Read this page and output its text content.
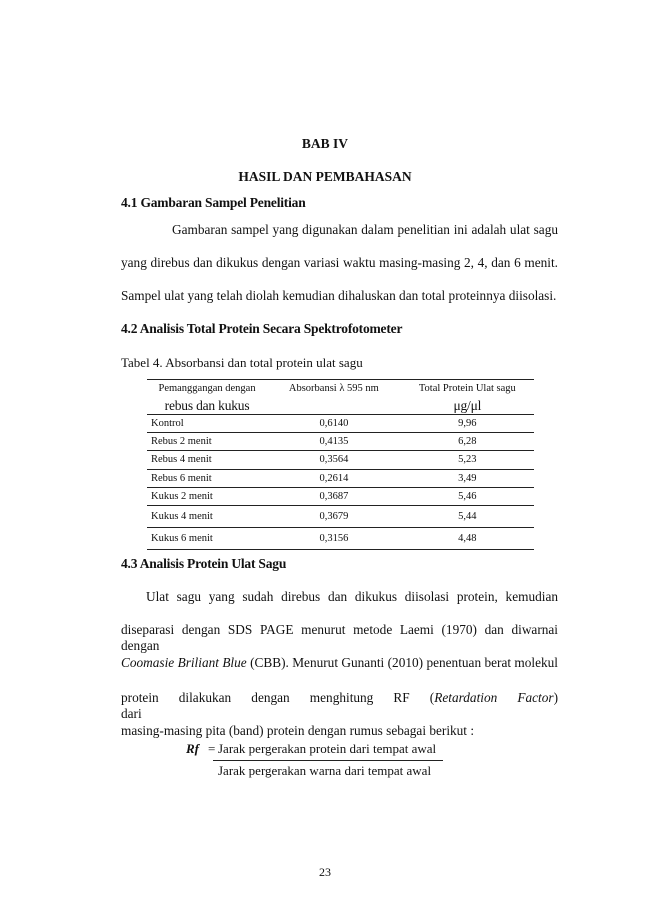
BAB IV
HASIL DAN PEMBAHASAN
4.1 Gambaran Sampel Penelitian
Gambaran sampel yang digunakan dalam penelitian ini adalah ulat sagu
yang direbus dan dikukus dengan variasi waktu masing-masing 2, 4, dan 6 menit.
Sampel ulat yang telah diolah kemudian dihaluskan dan total proteinnya diisolasi.
4.2 Analisis Total Protein Secara Spektrofotometer
Tabel 4. Absorbansi dan total protein ulat sagu
Pemanggangan dengan	Absorbansi λ 595 nm	Total Protein Ulat sagu
rebus dan kukus		μg/μl
Kontrol	0,6140	9,96
Rebus 2 menit	0,4135	6,28
Rebus 4 menit	0,3564	5,23
Rebus 6 menit	0,2614	3,49
Kukus 2 menit	0,3687	5,46
Kukus 4 menit	0,3679	5,44
Kukus 6 menit	0,3156	4,48
4.3 Analisis Protein Ulat Sagu
Ulat sagu yang sudah direbus dan dikukus diisolasi protein, kemudian
diseparasi dengan SDS PAGE menurut metode Laemi (1970) dan diwarnai dengan
Coomasie Briliant Blue (CBB). Menurut Gunanti (2010) penentuan berat molekul
protein dilakukan dengan menghitung RF (Retardation Factor) dari
masing-masing pita (band) protein dengan rumus sebagai berikut :
Rf = Jarak pergerakan protein dari tempat awal
Jarak pergerakan warna dari tempat awal
23
